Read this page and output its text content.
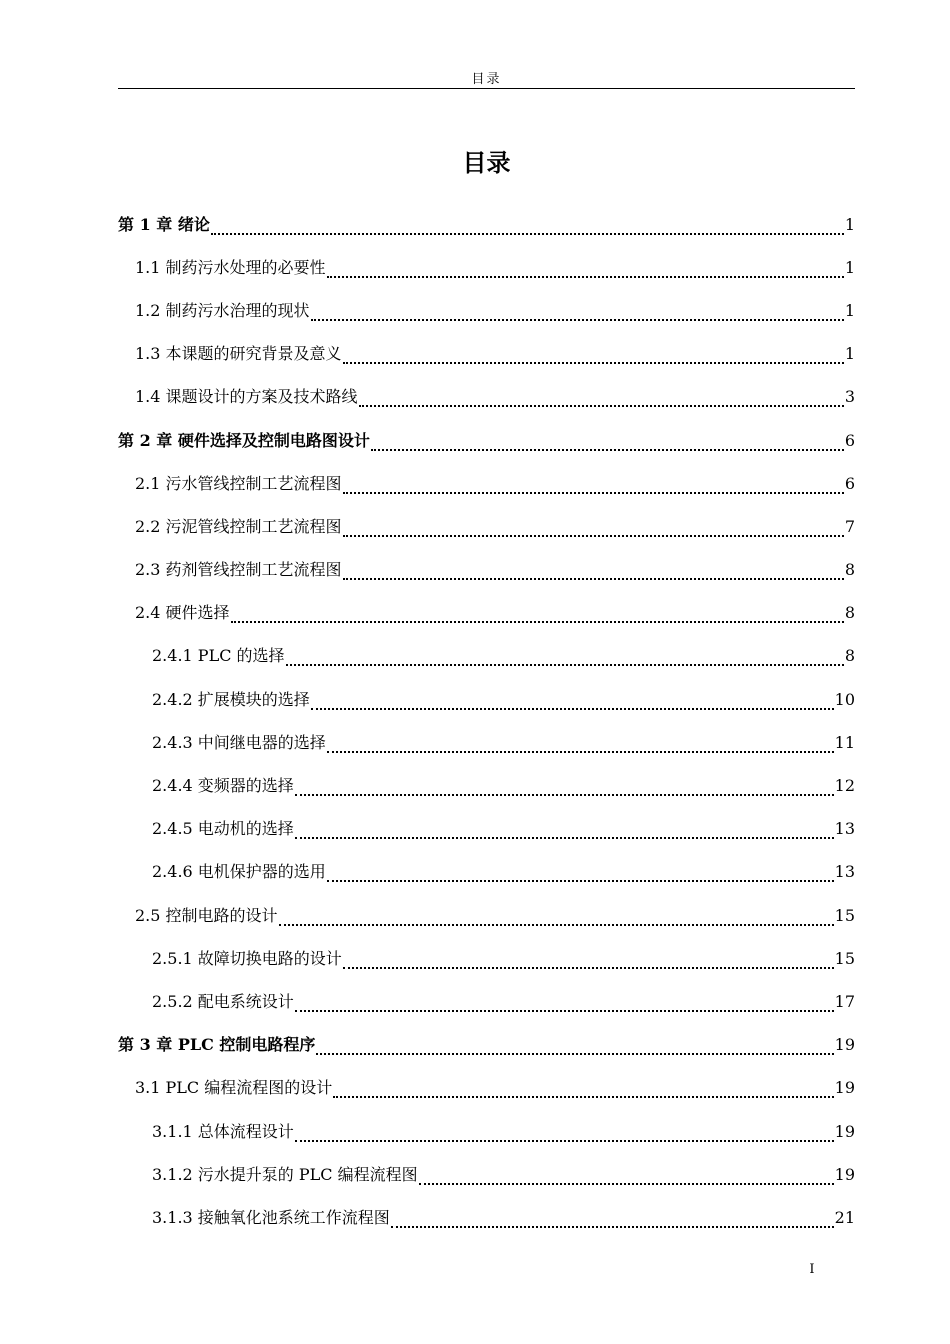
目录
目录
第 1 章 绪论	1
1.1 制药污水处理的必要性	1
1.2 制药污水治理的现状	1
1.3 本课题的研究背景及意义	1
1.4 课题设计的方案及技术路线	3
第 2 章 硬件选择及控制电路图设计	6
2.1 污水管线控制工艺流程图	6
2.2 污泥管线控制工艺流程图	7
2.3 药剂管线控制工艺流程图	8
2.4 硬件选择	8
2.4.1 PLC 的选择	8
2.4.2 扩展模块的选择	10
2.4.3 中间继电器的选择	11
2.4.4 变频器的选择	12
2.4.5 电动机的选择	13
2.4.6 电机保护器的选用	13
2.5 控制电路的设计	15
2.5.1 故障切换电路的设计	15
2.5.2 配电系统设计	17
第 3 章 PLC 控制电路程序	19
3.1 PLC 编程流程图的设计	19
3.1.1 总体流程设计	19
3.1.2 污水提升泵的 PLC 编程流程图	19
3.1.3 接触氧化池系统工作流程图	21
I
